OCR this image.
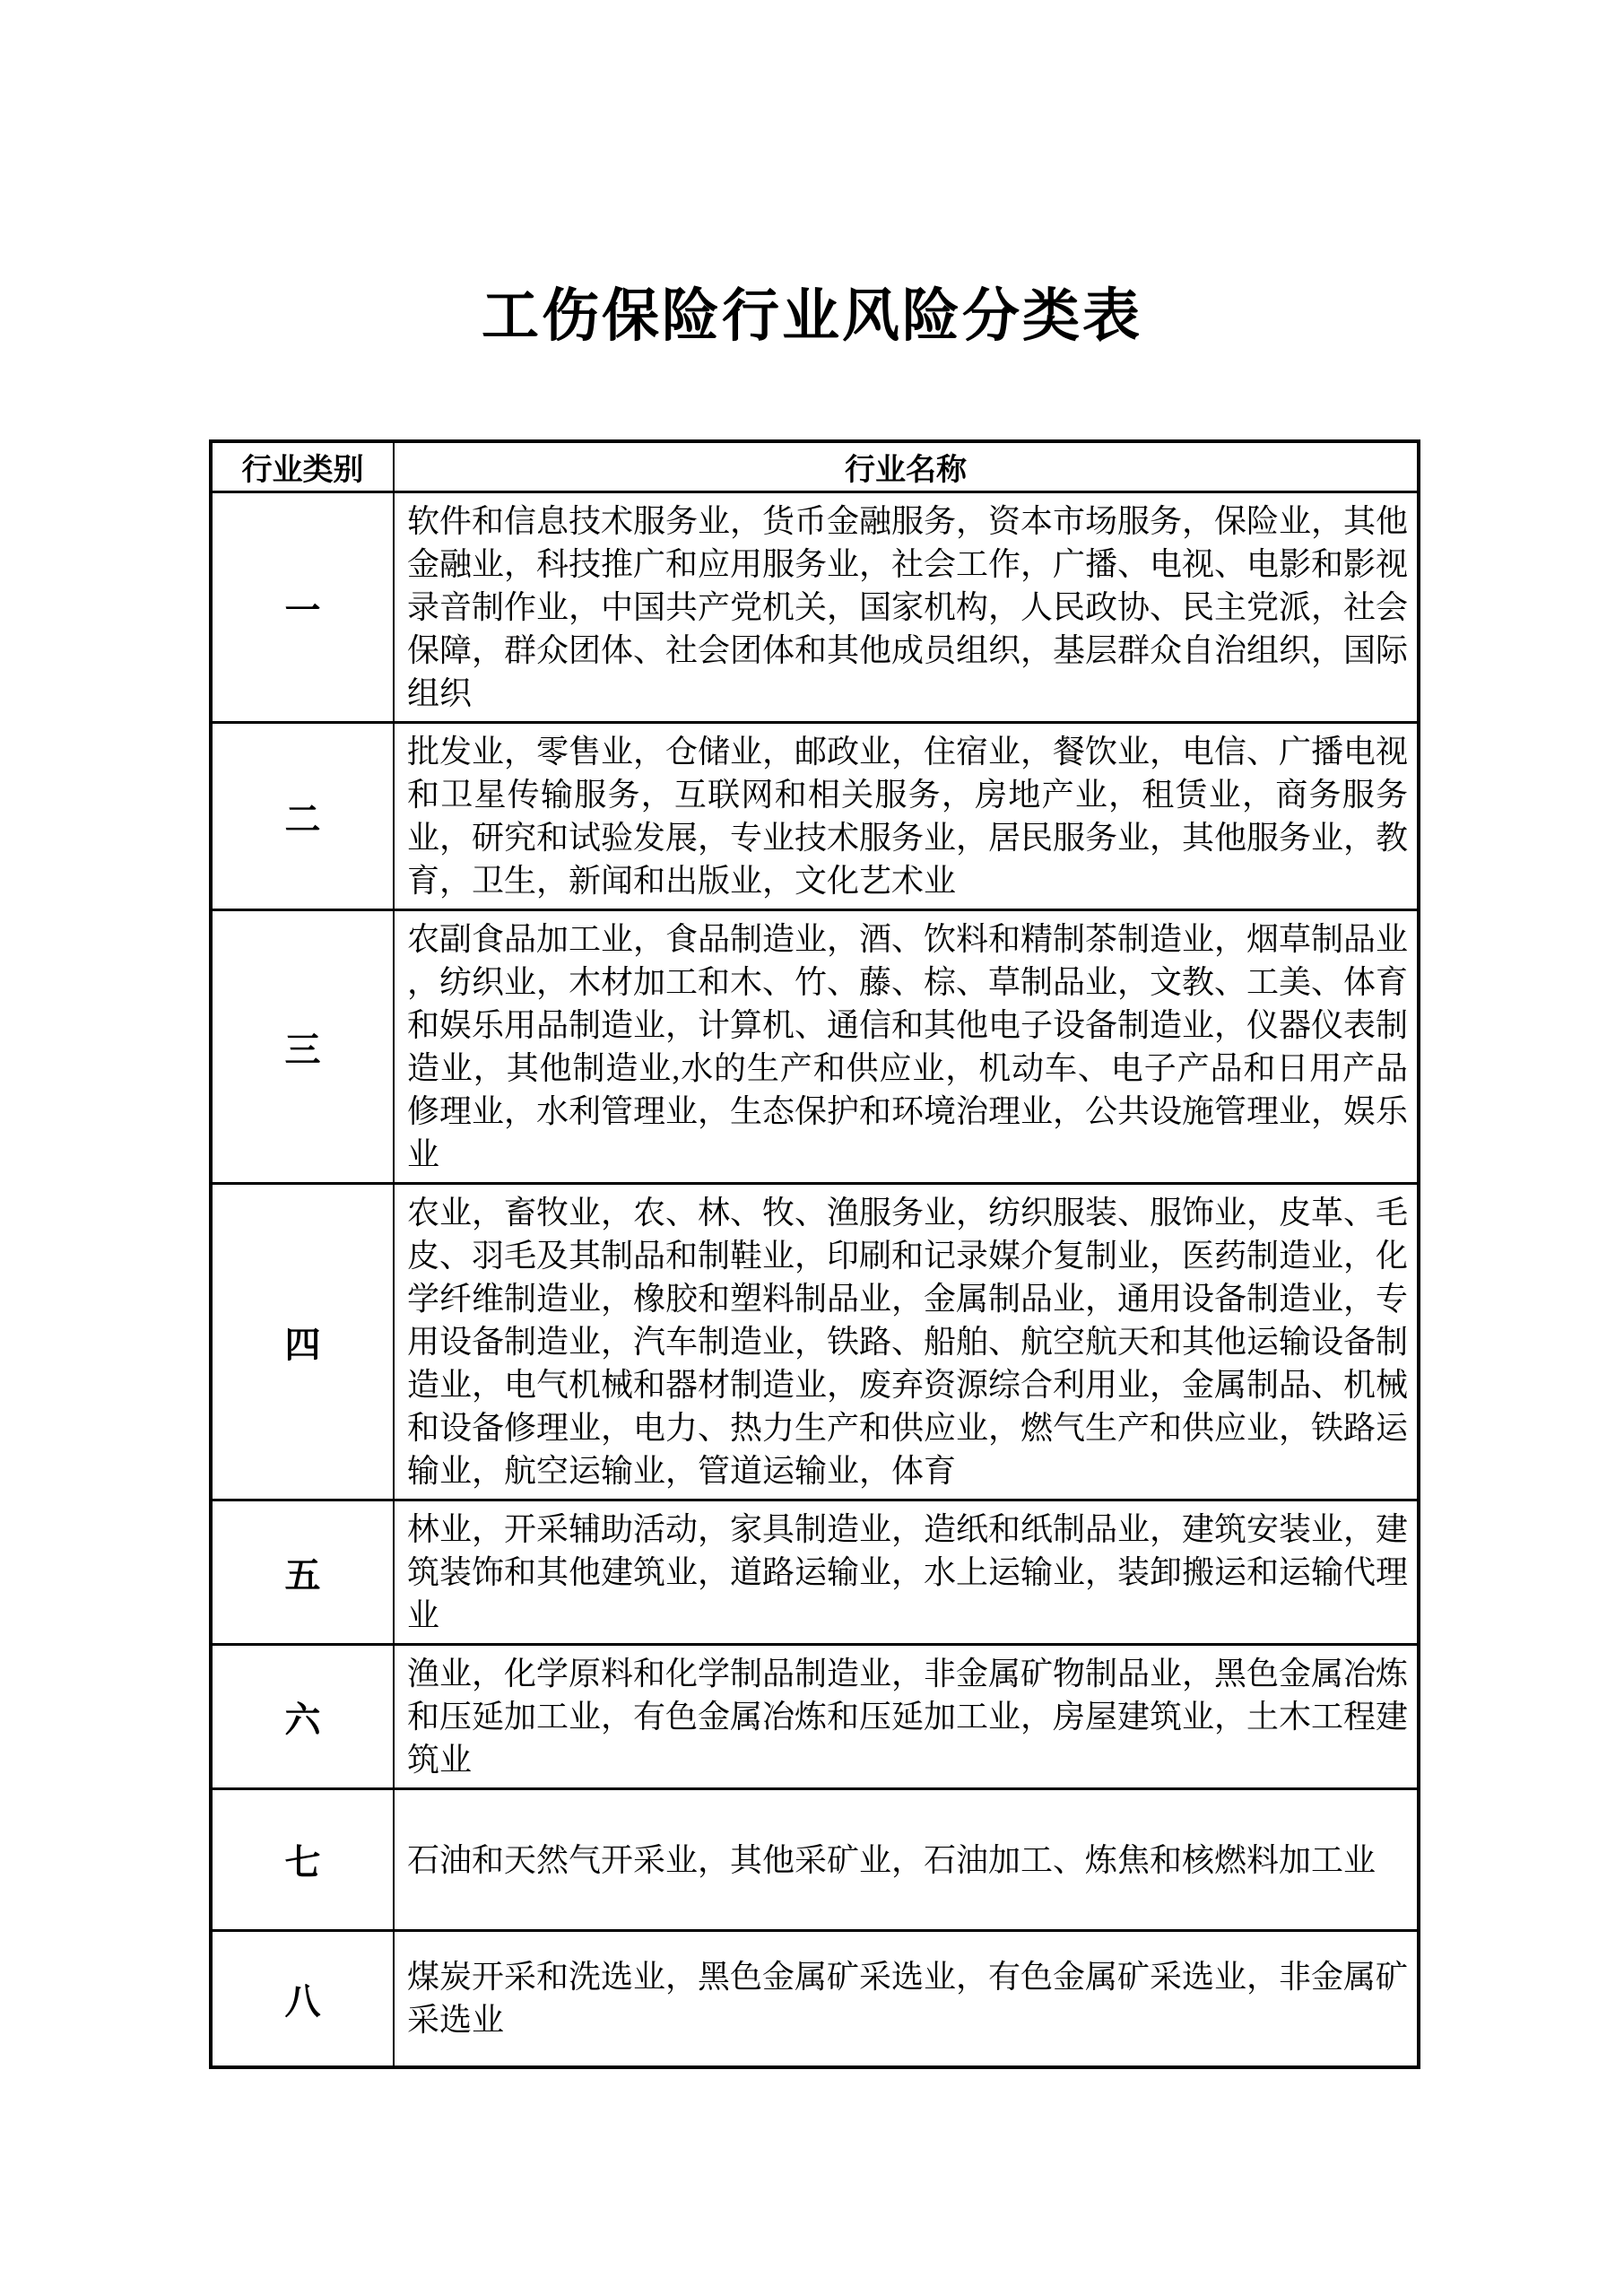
工伤保险行业风险分类表
行业类别	行业名称
一	软件和信息技术服务业，货币金融服务，资本市场服务，保险业，其他金融业，科技推广和应用服务业，社会工作，广播、电视、电影和影视录音制作业，中国共产党机关，国家机构，人民政协、民主党派，社会保障，群众团体、社会团体和其他成员组织，基层群众自治组织，国际组织
二	批发业，零售业，仓储业，邮政业，住宿业，餐饮业，电信、广播电视和卫星传输服务，互联网和相关服务，房地产业，租赁业，商务服务业，研究和试验发展，专业技术服务业，居民服务业，其他服务业，教育，卫生，新闻和出版业，文化艺术业
三	农副食品加工业，食品制造业，酒、饮料和精制茶制造业，烟草制品业 ，纺织业，木材加工和木、竹、藤、棕、草制品业，文教、工美、体育和娱乐用品制造业，计算机、通信和其他电子设备制造业，仪器仪表制造业，其他制造业,水的生产和供应业，机动车、电子产品和日用产品修理业，水利管理业，生态保护和环境治理业，公共设施管理业，娱乐业
四	农业，畜牧业，农、林、牧、渔服务业，纺织服装、服饰业，皮革、毛皮、羽毛及其制品和制鞋业，印刷和记录媒介复制业，医药制造业，化学纤维制造业，橡胶和塑料制品业，金属制品业，通用设备制造业，专用设备制造业，汽车制造业，铁路、船舶、航空航天和其他运输设备制造业，电气机械和器材制造业，废弃资源综合利用业，金属制品、机械和设备修理业，电力、热力生产和供应业，燃气生产和供应业，铁路运输业，航空运输业，管道运输业，体育
五	林业，开采辅助活动，家具制造业，造纸和纸制品业，建筑安装业，建筑装饰和其他建筑业，道路运输业，水上运输业，装卸搬运和运输代理业
六	渔业，化学原料和化学制品制造业，非金属矿物制品业，黑色金属冶炼和压延加工业，有色金属冶炼和压延加工业，房屋建筑业，土木工程建筑业
七	石油和天然气开采业，其他采矿业，石油加工、炼焦和核燃料加工业
八	煤炭开采和洗选业，黑色金属矿采选业，有色金属矿采选业，非金属矿采选业
